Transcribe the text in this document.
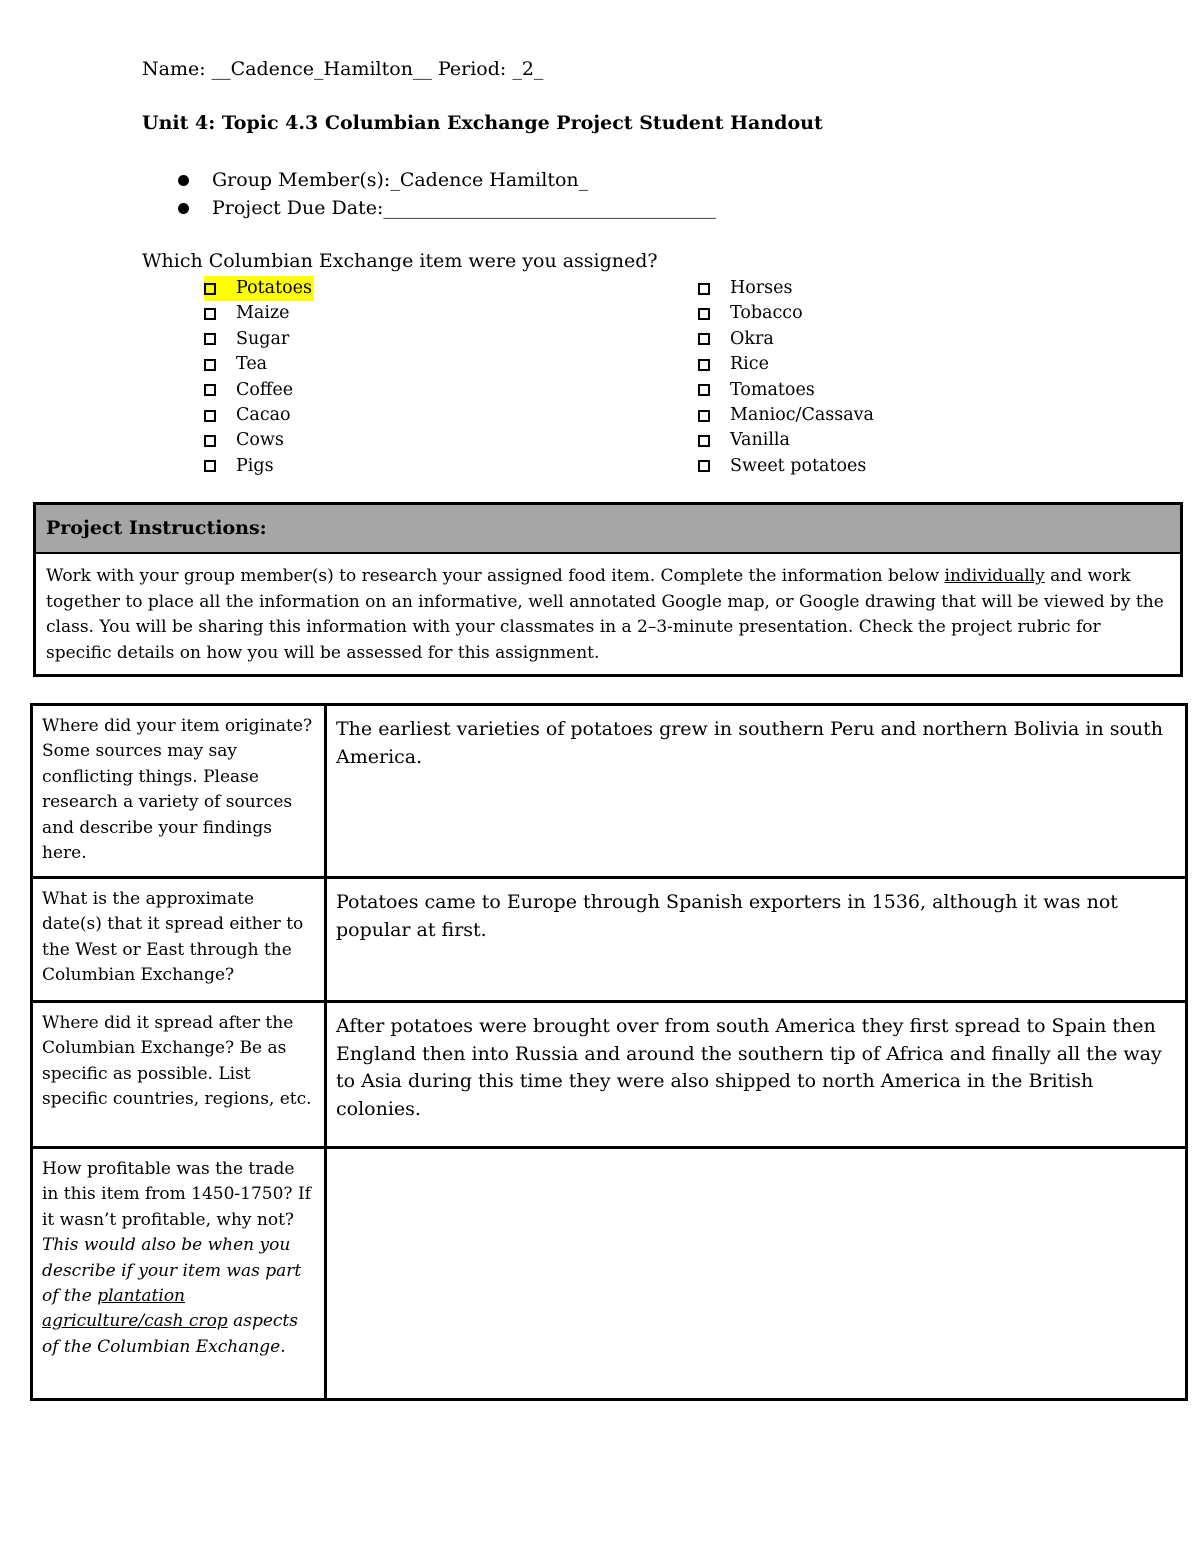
Name: __Cadence_Hamilton__ Period: _2_
Unit 4: Topic 4.3 Columbian Exchange Project Student Handout
Group Member(s):_Cadence Hamilton_
Project Due Date:___________________________________
Which Columbian Exchange item were you assigned?
Potatoes
Maize
Sugar
Tea
Coffee
Cacao
Cows
Pigs
Horses
Tobacco
Okra
Rice
Tomatoes
Manioc/Cassava
Vanilla
Sweet potatoes
Project Instructions:
Work with your group member(s) to research your assigned food item. Complete the information below individually and work together to place all the information on an informative, well annotated Google map, or Google drawing that will be viewed by the class. You will be sharing this information with your classmates in a 2–3-minute presentation. Check the project rubric for specific details on how you will be assessed for this assignment.
Where did your item originate? Some sources may say conflicting things. Please research a variety of sources and describe your findings here.	The earliest varieties of potatoes grew in southern Peru and northern Bolivia in south America.
What is the approximate date(s) that it spread either to the West or East through the Columbian Exchange?	Potatoes came to Europe through Spanish exporters in 1536, although it was not popular at first.
Where did it spread after the Columbian Exchange? Be as specific as possible. List specific countries, regions, etc.	After potatoes were brought over from south America they first spread to Spain then England then into Russia and around the southern tip of Africa and finally all the way to Asia during this time they were also shipped to north America in the British colonies.
How profitable was the trade in this item from 1450-1750? If it wasn’t profitable, why not?
This would also be when you describe if your item was part of the plantation agriculture/cash crop aspects of the Columbian Exchange.	
